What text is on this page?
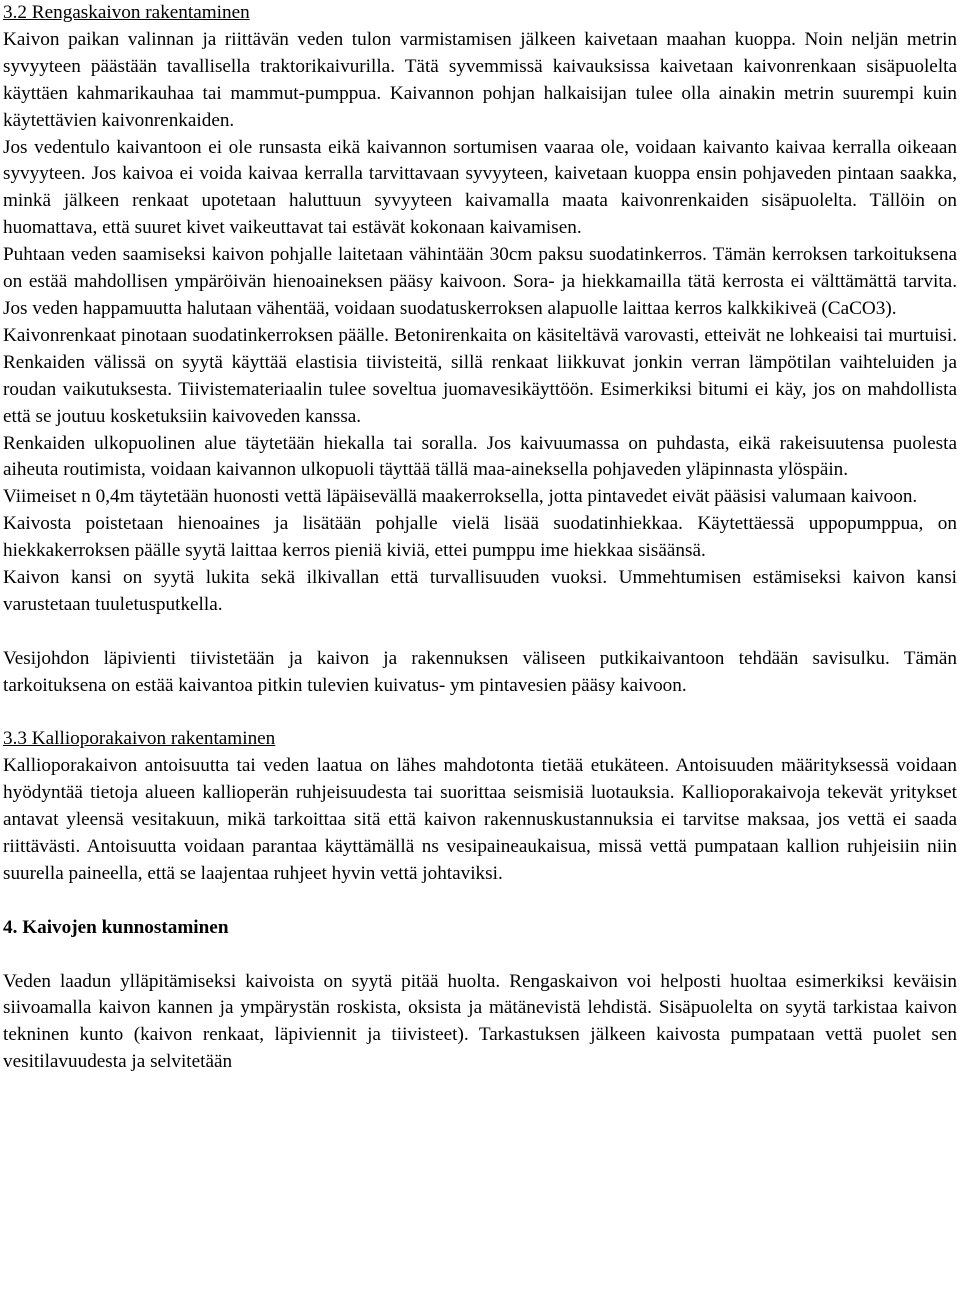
3.2 Rengaskaivon rakentaminen

Kaivon paikan valinnan ja riittävän veden tulon varmistamisen jälkeen kaivetaan maahan kuoppa. Noin neljän metrin syvyyteen päästään tavallisella traktorikaivurilla. Tätä syvemmissä kaivauksissa kaivetaan kaivonrenkaan sisäpuolelta käyttäen kahmarikauhaa tai mammut-pumppua. Kaivannon pohjan halkaisijan tulee olla ainakin metrin suurempi kuin käytettävien kaivonrenkaiden.

Jos vedentulo kaivantoon ei ole runsasta eikä kaivannon sortumisen vaaraa ole, voidaan kaivanto kaivaa kerralla oikeaan syvyyteen. Jos kaivoa ei voida kaivaa kerralla tarvittavaan syvyyteen, kaivetaan kuoppa ensin pohjaveden pintaan saakka, minkä jälkeen renkaat upotetaan haluttuun syvyyteen kaivamalla maata kaivonrenkaiden sisäpuolelta. Tällöin on huomattava, että suuret kivet vaikeuttavat tai estävät kokonaan kaivamisen.

Puhtaan veden saamiseksi kaivon pohjalle laitetaan vähintään 30cm paksu suodatinkerros. Tämän kerroksen tarkoituksena on estää mahdollisen ympäröivän hienoaineksen pääsy kaivoon. Sora- ja hiekkamailla tätä kerrosta ei välttämättä tarvita. Jos veden happamuutta halutaan vähentää, voidaan suodatuskerroksen alapuolle laittaa kerros kalkkikiveä (CaCO3).

Kaivonrenkaat pinotaan suodatinkerroksen päälle. Betonirenkaita on käsiteltävä varovasti, etteivät ne lohkeaisi tai murtuisi. Renkaiden välissä on syytä käyttää elastisia tiivisteitä, sillä renkaat liikkuvat jonkin verran lämpötilan vaihteluiden ja roudan vaikutuksesta. Tiivistemateriaalin tulee soveltua juomavesikäyttöön. Esimerkiksi bitumi ei käy, jos on mahdollista että se joutuu kosketuksiin kaivoveden kanssa.

Renkaiden ulkopuolinen alue täytetään hiekalla tai soralla. Jos kaivuumassa on puhdasta, eikä rakeisuutensa puolesta aiheuta routimista, voidaan kaivannon ulkopuoli täyttää tällä maa-aineksella pohjaveden yläpinnasta ylöspäin.

Viimeiset n 0,4m täytetään huonosti vettä läpäisevällä maakerroksella, jotta pintavedet eivät pääsisi valumaan kaivoon.

Kaivosta poistetaan hienoaines ja lisätään pohjalle vielä lisää suodatinhiekkaa. Käytettäessä uppopumppua, on hiekkakerroksen päälle syytä laittaa kerros pieniä kiviä, ettei pumppu ime hiekkaa sisäänsä.

Kaivon kansi on syytä lukita sekä ilkivallan että turvallisuuden vuoksi. Ummehtumisen estämiseksi kaivon kansi varustetaan tuuletusputkella.

Vesijohdon läpivienti tiivistetään ja kaivon ja rakennuksen väliseen putkikaivantoon tehdään savisulku. Tämän tarkoituksena on estää kaivantoa pitkin tulevien kuivatus- ym pintavesien pääsy kaivoon.

3.3 Kallioporakaivon rakentaminen

Kallioporakaivon antoisuutta tai veden laatua on lähes mahdotonta tietää etukäteen. Antoisuuden määrityksessä voidaan hyödyntää tietoja alueen kallioperän ruhjeisuudesta tai suorittaa seismisiä luotauksia. Kallioporakaivoja tekevät yritykset antavat yleensä vesitakuun, mikä tarkoittaa sitä että kaivon rakennuskustannuksia ei tarvitse maksaa, jos vettä ei saada riittävästi. Antoisuutta voidaan parantaa käyttämällä ns vesipaineaukaisua, missä vettä pumpataan kallion ruhjeisiin niin suurella paineella, että se laajentaa ruhjeet hyvin vettä johtaviksi.

4. Kaivojen kunnostaminen

Veden laadun ylläpitämiseksi kaivoista on syytä pitää huolta. Rengaskaivon voi helposti huoltaa esimerkiksi keväisin siivoamalla kaivon kannen ja ympärystän roskista, oksista ja mätänevistä lehdistä. Sisäpuolelta on syytä tarkistaa kaivon tekninen kunto (kaivon renkaat, läpiviennit ja tiivisteet). Tarkastuksen jälkeen kaivosta pumpataan vettä puolet sen vesitilavuudesta ja selvitetään
